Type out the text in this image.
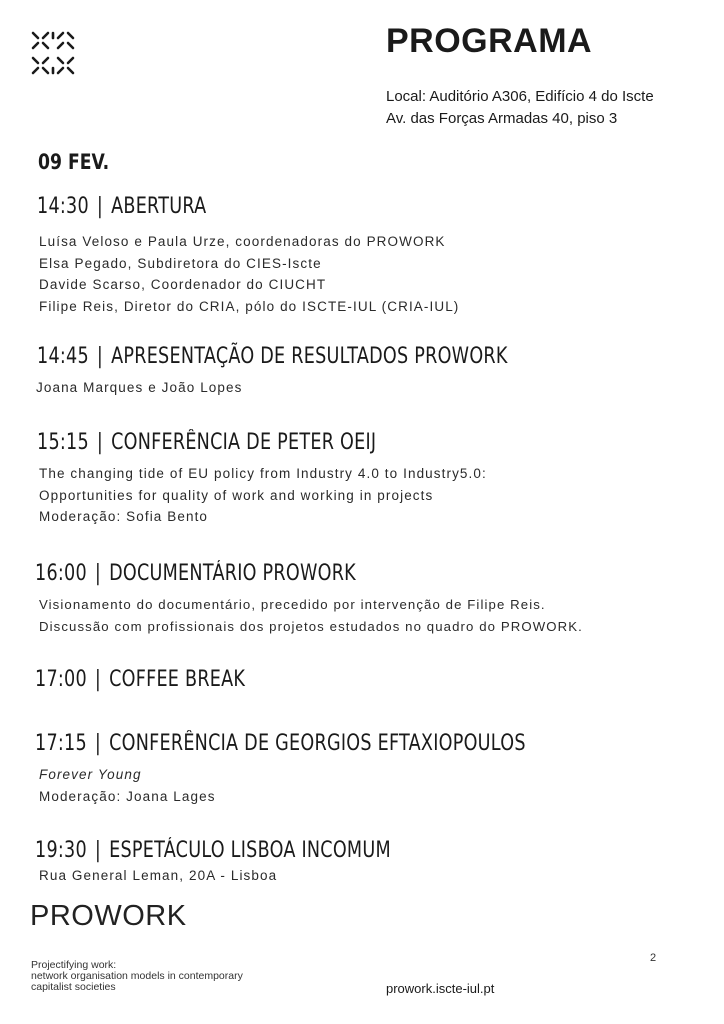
PROGRAMA
Local: Auditório A306, Edifício 4 do Iscte
Av. das Forças Armadas 40, piso 3
09 FEV.
14:30 | ABERTURA
Luísa Veloso e Paula Urze, coordenadoras do PROWORK
Elsa Pegado, Subdiretora do CIES-Iscte
Davide Scarso, Coordenador do CIUCHT
Filipe Reis, Diretor do CRIA, pólo do ISCTE-IUL (CRIA-IUL)
14:45 | APRESENTAÇÃO DE RESULTADOS PROWORK
Joana Marques e João Lopes
15:15 | CONFERÊNCIA DE PETER OEIJ
The changing tide of EU policy from Industry 4.0 to Industry5.0:
Opportunities for quality of work and working in projects
Moderação: Sofia Bento
16:00 | DOCUMENTÁRIO PROWORK
Visionamento do documentário, precedido por intervenção de Filipe Reis.
Discussão com profissionais dos projetos estudados no quadro do PROWORK.
17:00 | COFFEE BREAK
17:15 | CONFERÊNCIA DE GEORGIOS EFTAXIOPOULOS
Forever Young
Moderação: Joana Lages
19:30 | ESPETÁCULO LISBOA INCOMUM
Rua General Leman, 20A - Lisboa
PROWORK
Projectifying work:
network organisation models in contemporary
capitalist societies
2
prowork.iscte-iul.pt
